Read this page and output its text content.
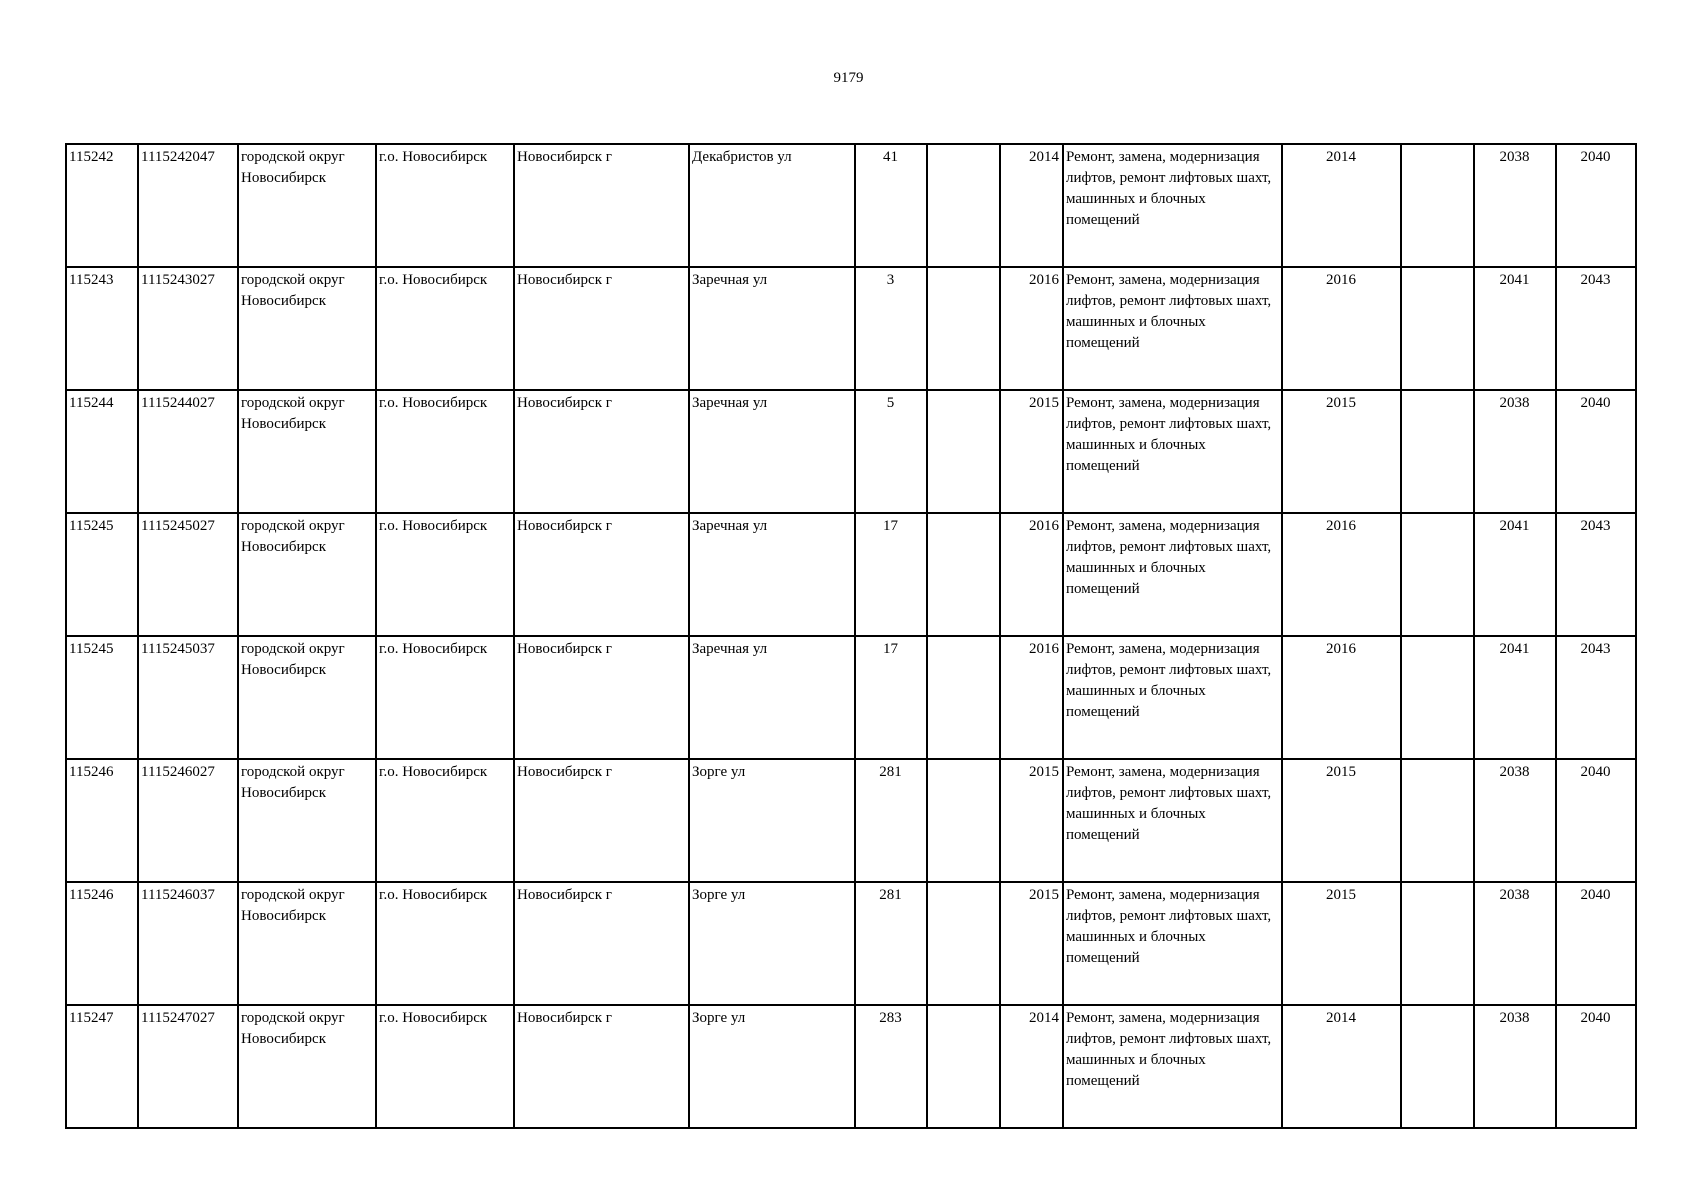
9179
115242	1115242047	городской округ Новосибирск	г.о. Новосибирск	Новосибирск г	Декабристов ул	41		2014	Ремонт, замена, модернизация лифтов, ремонт лифтовых шахт, машинных и блочных помещений	2014		2038	2040
115243	1115243027	городской округ Новосибирск	г.о. Новосибирск	Новосибирск г	Заречная ул	3		2016	Ремонт, замена, модернизация лифтов, ремонт лифтовых шахт, машинных и блочных помещений	2016		2041	2043
115244	1115244027	городской округ Новосибирск	г.о. Новосибирск	Новосибирск г	Заречная ул	5		2015	Ремонт, замена, модернизация лифтов, ремонт лифтовых шахт, машинных и блочных помещений	2015		2038	2040
115245	1115245027	городской округ Новосибирск	г.о. Новосибирск	Новосибирск г	Заречная ул	17		2016	Ремонт, замена, модернизация лифтов, ремонт лифтовых шахт, машинных и блочных помещений	2016		2041	2043
115245	1115245037	городской округ Новосибирск	г.о. Новосибирск	Новосибирск г	Заречная ул	17		2016	Ремонт, замена, модернизация лифтов, ремонт лифтовых шахт, машинных и блочных помещений	2016		2041	2043
115246	1115246027	городской округ Новосибирск	г.о. Новосибирск	Новосибирск г	Зорге ул	281		2015	Ремонт, замена, модернизация лифтов, ремонт лифтовых шахт, машинных и блочных помещений	2015		2038	2040
115246	1115246037	городской округ Новосибирск	г.о. Новосибирск	Новосибирск г	Зорге ул	281		2015	Ремонт, замена, модернизация лифтов, ремонт лифтовых шахт, машинных и блочных помещений	2015		2038	2040
115247	1115247027	городской округ Новосибирск	г.о. Новосибирск	Новосибирск г	Зорге ул	283		2014	Ремонт, замена, модернизация лифтов, ремонт лифтовых шахт, машинных и блочных помещений	2014		2038	2040
